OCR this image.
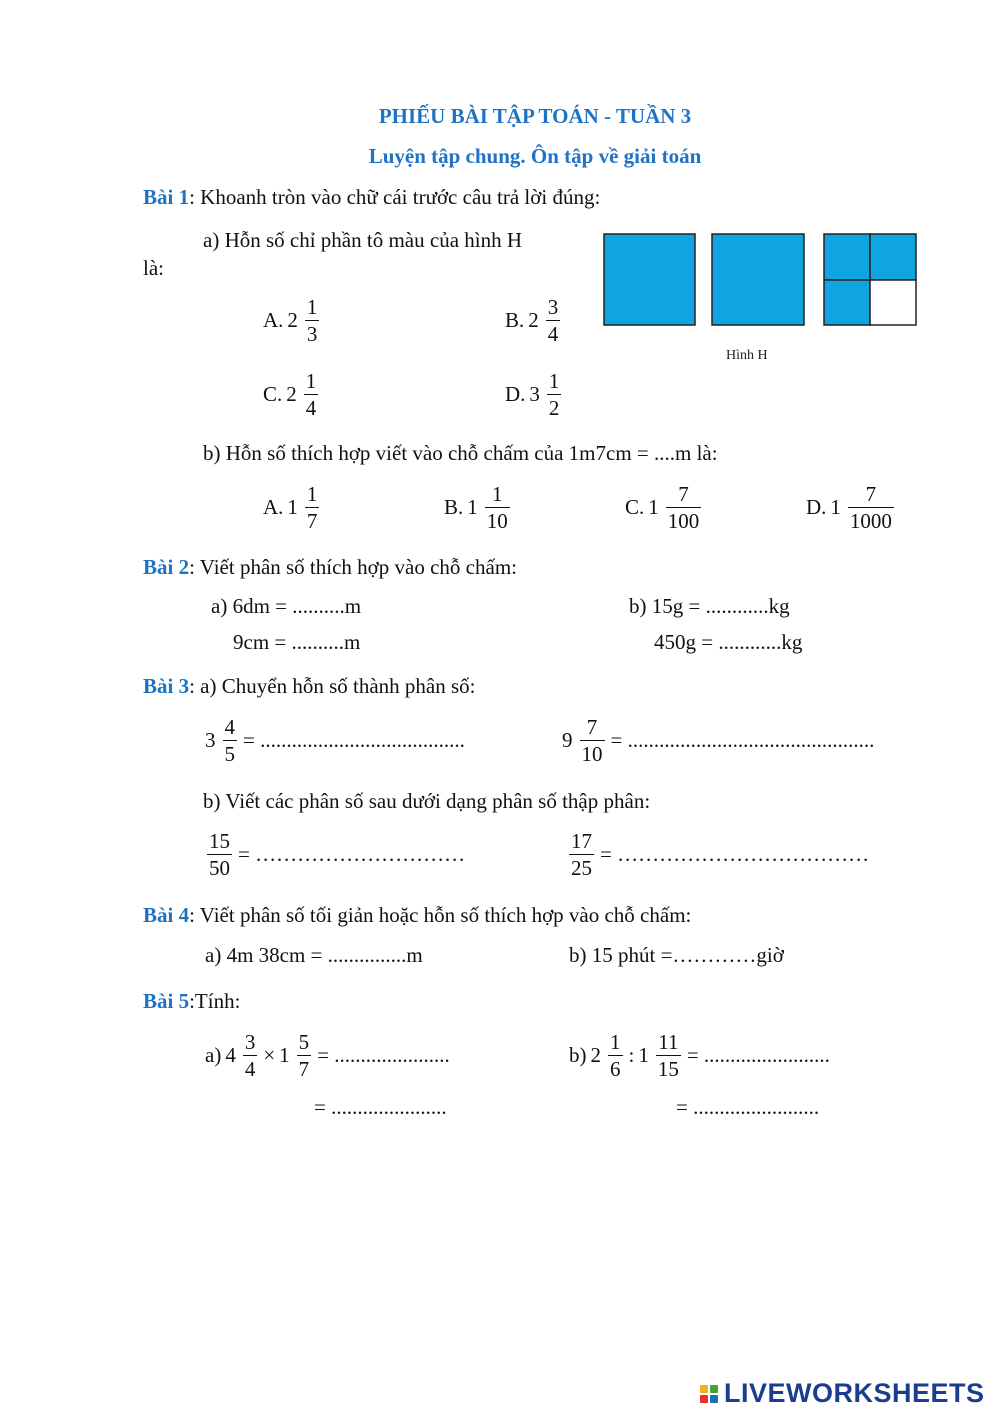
PHIẾU BÀI TẬP TOÁN - TUẦN 3
Luyện tập chung. Ôn tập về giải toán
Bài 1: Khoanh tròn vào chữ cái trước câu trả lời đúng:
a) Hỗn số chỉ phần tô màu của hình H
là:
A. $2 \frac{1}{3}$	B. $2 \frac{3}{4}$
C. $2 \frac{1}{4}$	D. $3 \frac{1}{2}$
Hình H
b) Hỗn số thích hợp viết vào chỗ chấm của 1m7cm = ....m là:
A. $1 \frac{1}{7}$	B. $1 \frac{1}{10}$	C. $1 \frac{7}{100}$	D. $1 \frac{7}{1000}$
Bài 2: Viết phân số thích hợp vào chỗ chấm:
a) 6dm = ..........m
9cm = ..........m
b) 15g = ............kg
450g = ............kg
Bài 3: a) Chuyển hỗn số thành phân số:
$3 \frac{4}{5}$ = .......................................	$9 \frac{7}{10}$ = ...............................................
b) Viết các phân số sau dưới dạng phân số thập phân:
$\frac{15}{50}$ = …………………………	$\frac{17}{25}$ = ………………………………
Bài 4: Viết phân số tối giản hoặc hỗn số thích hợp vào chỗ chấm:
a) 4m 38cm = ...............m	b) 15 phút =…………giờ
Bài 5:Tính:
a) $4 \frac{3}{4} \times 1 \frac{5}{7}$ = ......................
= ......................
b) $2 \frac{1}{6}$ : $1 \frac{11}{15}$ = ........................
= ........................
LIVEWORKSHEETS
